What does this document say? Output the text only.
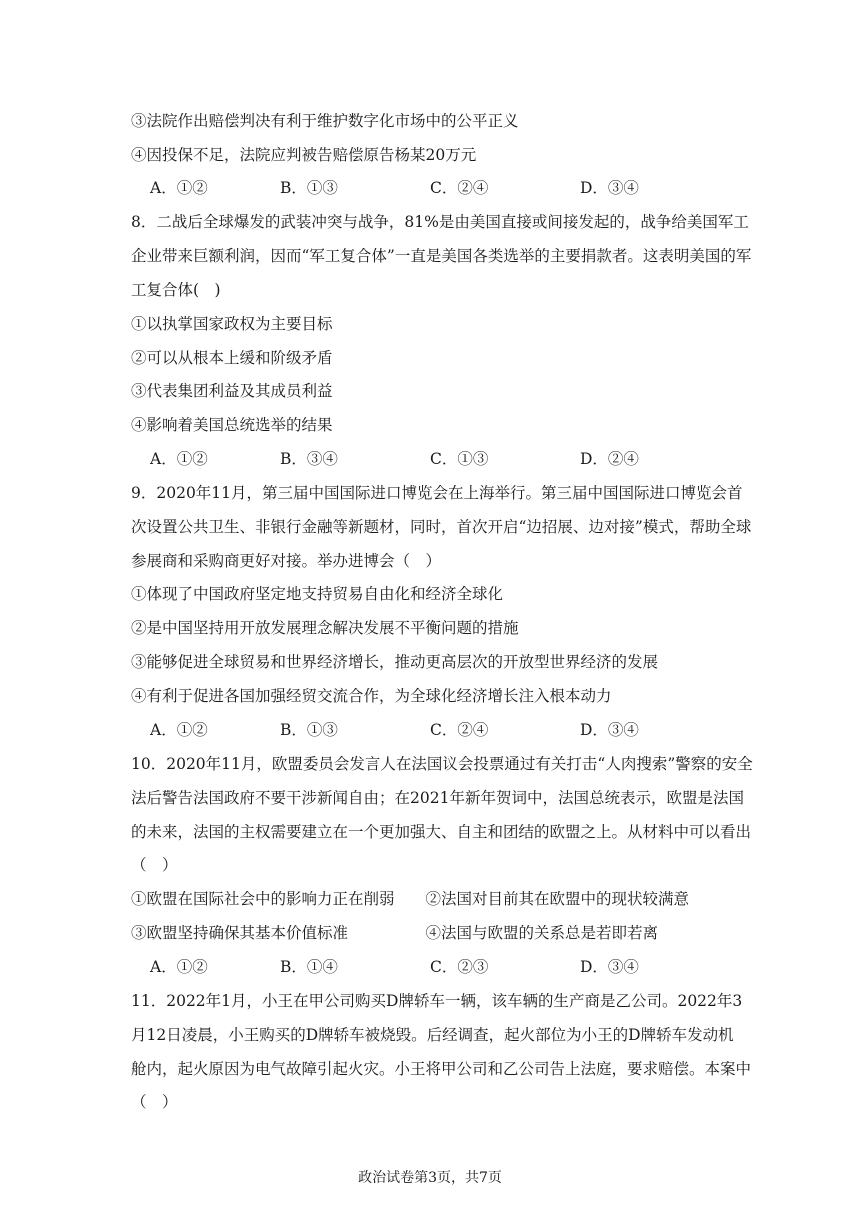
③法院作出赔偿判决有利于维护数字化市场中的公平正义
④因投保不足，法院应判被告赔偿原告杨某20万元
A．①②	B．①③	C．②④	D．③④
8．二战后全球爆发的武装冲突与战争，81%是由美国直接或间接发起的，战争给美国军工
企业带来巨额利润，因而“军工复合体”一直是美国各类选举的主要捐款者。这表明美国的军
工复合体(　)
①以执掌国家政权为主要目标
②可以从根本上缓和阶级矛盾
③代表集团利益及其成员利益
④影响着美国总统选举的结果
A．①②	B．③④	C．①③	D．②④
9．2020年11月，第三届中国国际进口博览会在上海举行。第三届中国国际进口博览会首
次设置公共卫生、非银行金融等新题材，同时，首次开启“边招展、边对接”模式，帮助全球
参展商和采购商更好对接。举办进博会（　）
①体现了中国政府坚定地支持贸易自由化和经济全球化
②是中国坚持用开放发展理念解决发展不平衡问题的措施
③能够促进全球贸易和世界经济增长，推动更高层次的开放型世界经济的发展
④有利于促进各国加强经贸交流合作，为全球化经济增长注入根本动力
A．①②	B．①③	C．②④	D．③④
10．2020年11月，欧盟委员会发言人在法国议会投票通过有关打击“人肉搜索”警察的安全
法后警告法国政府不要干涉新闻自由；在2021年新年贺词中，法国总统表示，欧盟是法国
的未来，法国的主权需要建立在一个更加强大、自主和团结的欧盟之上。从材料中可以看出
（　）
①欧盟在国际社会中的影响力正在削弱　　②法国对目前其在欧盟中的现状较满意
③欧盟坚持确保其基本价值标准　　　　　④法国与欧盟的关系总是若即若离
A．①②	B．①④	C．②③	D．③④
11．2022年1月，小王在甲公司购买D牌轿车一辆，该车辆的生产商是乙公司。2022年3
月12日凌晨，小王购买的D牌轿车被烧毁。后经调查，起火部位为小王的D牌轿车发动机
舱内，起火原因为电气故障引起火灾。小王将甲公司和乙公司告上法庭，要求赔偿。本案中
（　）
政治试卷第3页，共7页
